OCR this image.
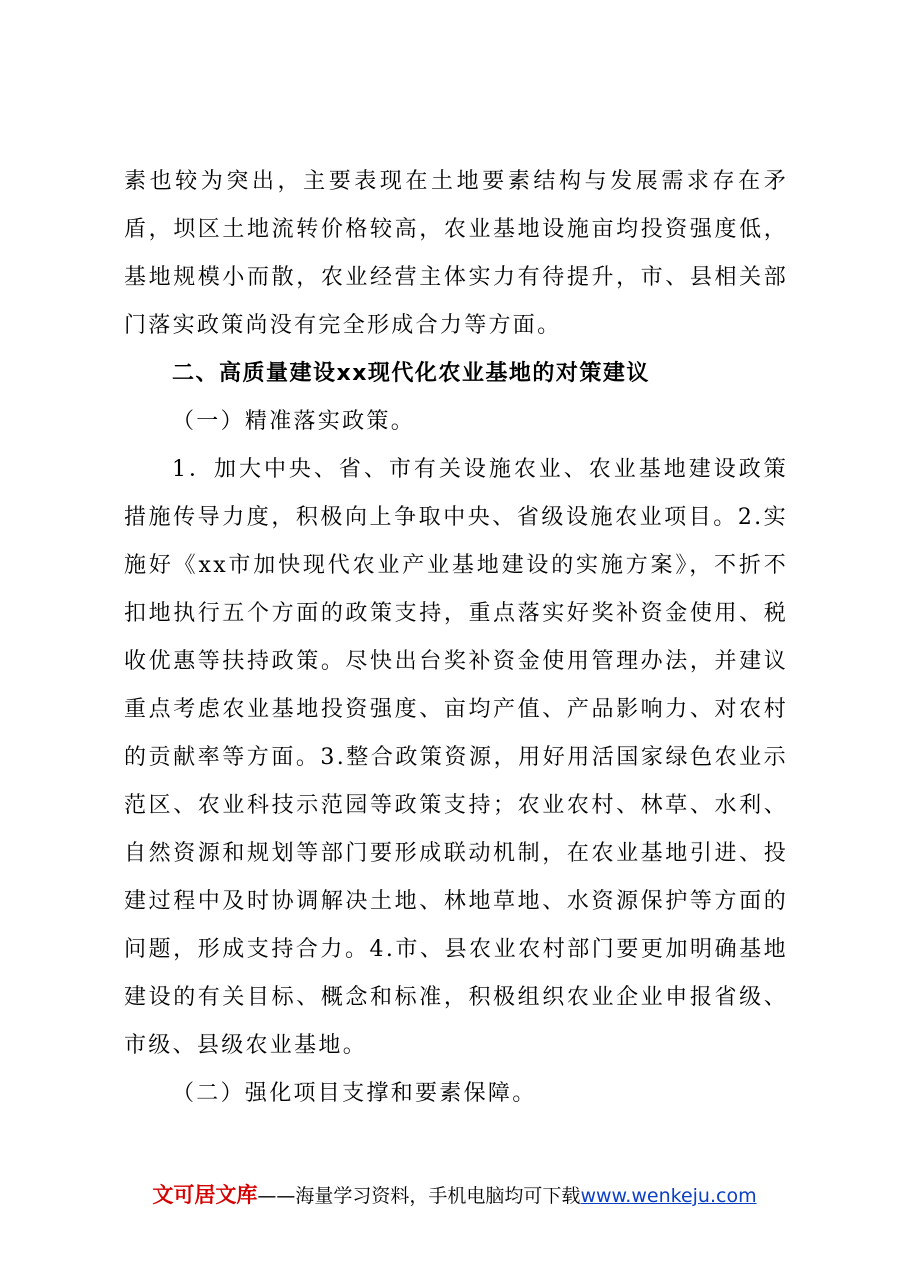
素也较为突出，主要表现在土地要素结构与发展需求存在矛盾，坝区土地流转价格较高，农业基地设施亩均投资强度低，基地规模小而散，农业经营主体实力有待提升，市、县相关部门落实政策尚没有完全形成合力等方面。

二、高质量建设xx现代化农业基地的对策建议

（一）精准落实政策。

1．加大中央、省、市有关设施农业、农业基地建设政策措施传导力度，积极向上争取中央、省级设施农业项目。2.实施好《xx市加快现代农业产业基地建设的实施方案》，不折不扣地执行五个方面的政策支持，重点落实好奖补资金使用、税收优惠等扶持政策。尽快出台奖补资金使用管理办法，并建议重点考虑农业基地投资强度、亩均产值、产品影响力、对农村的贡献率等方面。3.整合政策资源，用好用活国家绿色农业示范区、农业科技示范园等政策支持；农业农村、林草、水利、自然资源和规划等部门要形成联动机制，在农业基地引进、投建过程中及时协调解决土地、林地草地、水资源保护等方面的问题，形成支持合力。4.市、县农业农村部门要更加明确基地建设的有关目标、概念和标准，积极组织农业企业申报省级、市级、县级农业基地。

（二）强化项目支撑和要素保障。

文可居文库——海量学习资料，手机电脑均可下载www.wenkeju.com
